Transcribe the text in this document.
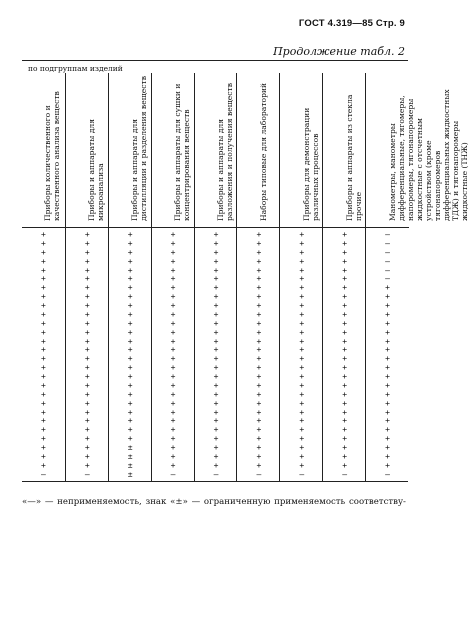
ГОСТ 4.319—85 Стр. 9
Продолжение табл. 2
по подгруппам изделий
Приборы количественного и качественного анализа веществ
+
+
+
+
+
+
+
+
+
+
+
+
+
+
+
+
+
+
+
+
+
+
+
+
+
+
+
—
Приборы и аппараты для микроанализа
+
+
+
+
+
+
+
+
+
+
+
+
+
+
+
+
+
+
+
+
+
+
+
+
+
+
+
—
Приборы и аппараты для дистилляции и разделения веществ
+
+
+
+
+
+
+
+
+
+
+
+
+
+
+
+
+
+
+
+
+
+
+
+
±
±
±
±
Приборы и аппараты для сушки и концентрирования веществ
+
+
+
+
+
+
+
+
+
+
+
+
+
+
+
+
+
+
+
+
+
+
+
+
+
+
+
—
Приборы и аппараты для разложения и получения веществ
+
+
+
+
+
+
+
+
+
+
+
+
+
+
+
+
+
+
+
+
+
+
+
+
+
+
+
—
Наборы типовые для лабораторий
+
+
+
+
+
+
+
+
+
+
+
+
+
+
+
+
+
+
+
+
+
+
+
+
+
+
+
—
Приборы для демонстрации различных процессов
+
+
+
+
+
+
+
+
+
+
+
+
+
+
+
+
+
+
+
+
+
+
+
+
+
+
+
—
Приборы и аппараты из стекла прочие
+
+
+
+
+
+
+
+
+
+
+
+
+
+
+
+
+
+
+
+
+
+
+
+
+
+
+
—
Манометры, манометры дифференциальные, тягомеры, напоромеры, тягонапоромеры жидкостные с отсчетным устройством (кроме тягонапоромеров дифференциальных жидкостных ТДЖ) и тягонапоромеры жидкостные (ТНЖ)
—
—
—
—
—
—
+
+
+
+
+
+
+
+
+
+
+
+
+
+
+
+
+
+
+
+
+
—
«—» — неприменяемость, знак «±» — ограниченную применяемость соответству-
